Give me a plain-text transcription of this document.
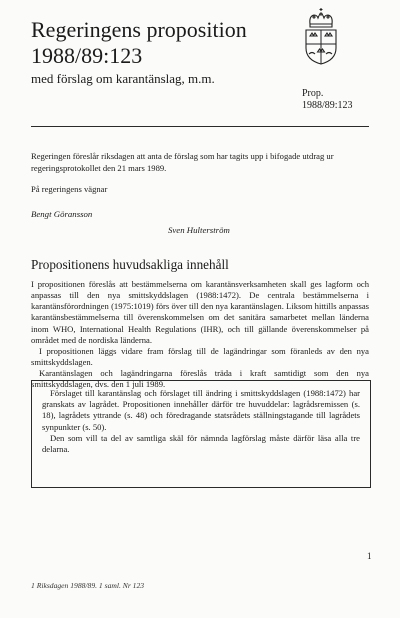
Regeringens proposition
1988/89:123
med förslag om karantänslag, m.m.
Prop.
1988/89:123
Regeringen föreslår riksdagen att anta de förslag som har tagits upp i bifogade utdrag ur regeringsprotokollet den 21 mars 1989.
På regeringens vägnar
Bengt Göransson
Sven Hulterström
Propositionens huvudsakliga innehåll

I propositionen föreslås att bestämmelserna om karantänsverksamheten skall ges lagform och anpassas till den nya smittskyddslagen (1988:1472). De centrala bestämmelserna i karantänsförordningen (1975:1019) förs över till den nya karantänslagen. Liksom hittills anpassas karantänsbestämmelserna till överenskommelsen om det sanitära samarbetet mellan länderna inom WHO, International Health Regulations (IHR), och till gällande överenskommelser på området med de nordiska länderna.

I propositionen läggs vidare fram förslag till de lagändringar som föranleds av den nya smittskyddslagen.

Karantänslagen och lagändringarna föreslås träda i kraft samtidigt som den nya smittskyddslagen, dvs. den 1 juli 1989.

Förslaget till karantänslag och förslaget till ändring i smittskyddslagen (1988:1472) har granskats av lagrådet. Propositionen innehåller därför tre huvuddelar: lagrådsremissen (s. 18), lagrådets yttrande (s. 48) och föredragande statsrådets ställningstagande till lagrådets synpunkter (s. 50).

Den som vill ta del av samtliga skäl för nämnda lagförslag måste därför läsa alla tre delarna.

1
1 Riksdagen 1988/89. 1 saml. Nr 123
